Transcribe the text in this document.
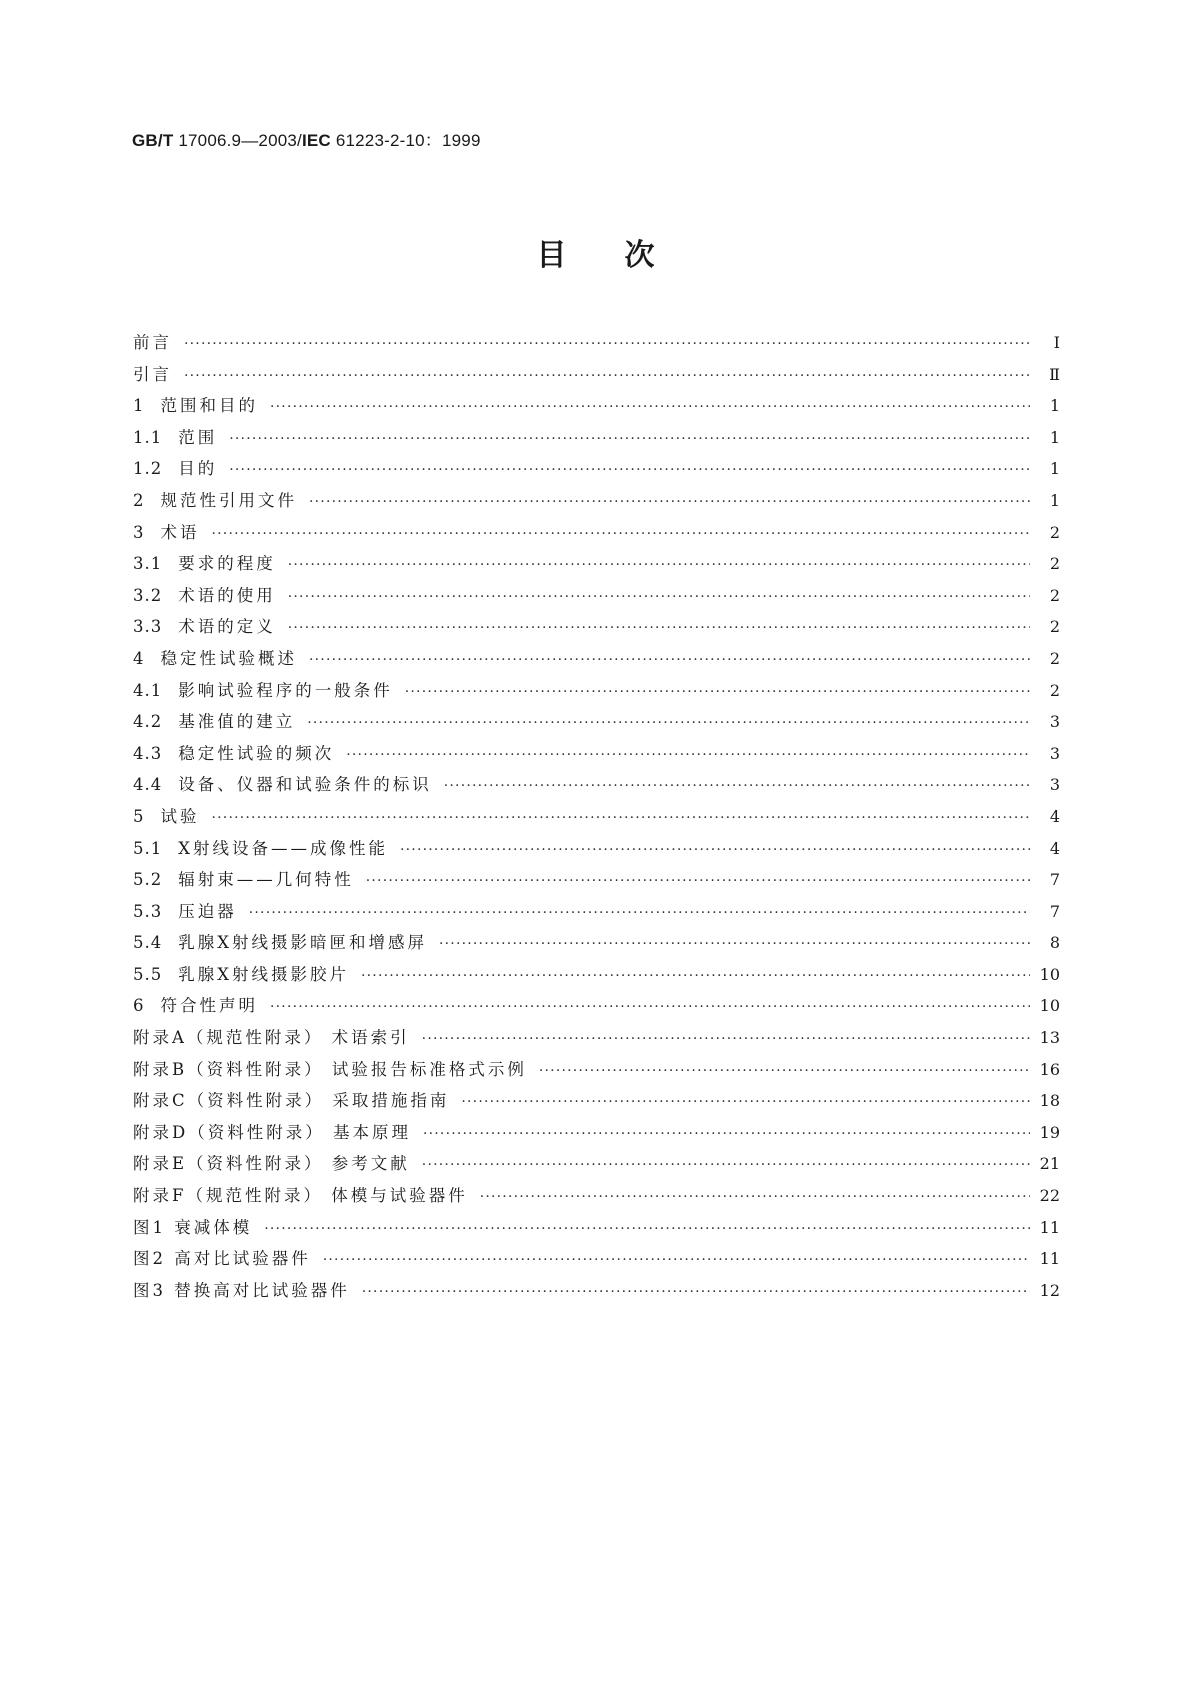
GB/T 17006.9—2003/IEC 61223-2-10：1999
目次
前言 ·····	Ⅰ
引言 ·····	Ⅱ
1 范围和目的 ·····	1
1.1 范围 ·····	1
1.2 目的 ·····	1
2 规范性引用文件 ·····	1
3 术语 ·····	2
3.1 要求的程度 ·····	2
3.2 术语的使用 ·····	2
3.3 术语的定义 ·····	2
4 稳定性试验概述 ·····	2
4.1 影响试验程序的一般条件 ·····	2
4.2 基准值的建立 ·····	3
4.3 稳定性试验的频次 ·····	3
4.4 设备、仪器和试验条件的标识 ·····	3
5 试验 ·····	4
5.1 X射线设备——成像性能 ·····	4
5.2 辐射束——几何特性 ·····	7
5.3 压迫器 ·····	7
5.4 乳腺X射线摄影暗匣和增感屏 ·····	8
5.5 乳腺X射线摄影胶片 ·····	10
6 符合性声明 ·····	10
附录A（规范性附录） 术语索引 ·····	13
附录B（资料性附录） 试验报告标准格式示例 ·····	16
附录C（资料性附录） 采取措施指南 ·····	18
附录D（资料性附录） 基本原理 ·····	19
附录E（资料性附录） 参考文献 ·····	21
附录F（规范性附录） 体模与试验器件 ·····	22
图1 衰减体模 ·····	11
图2 高对比试验器件 ·····	11
图3 替换高对比试验器件 ·····	12
